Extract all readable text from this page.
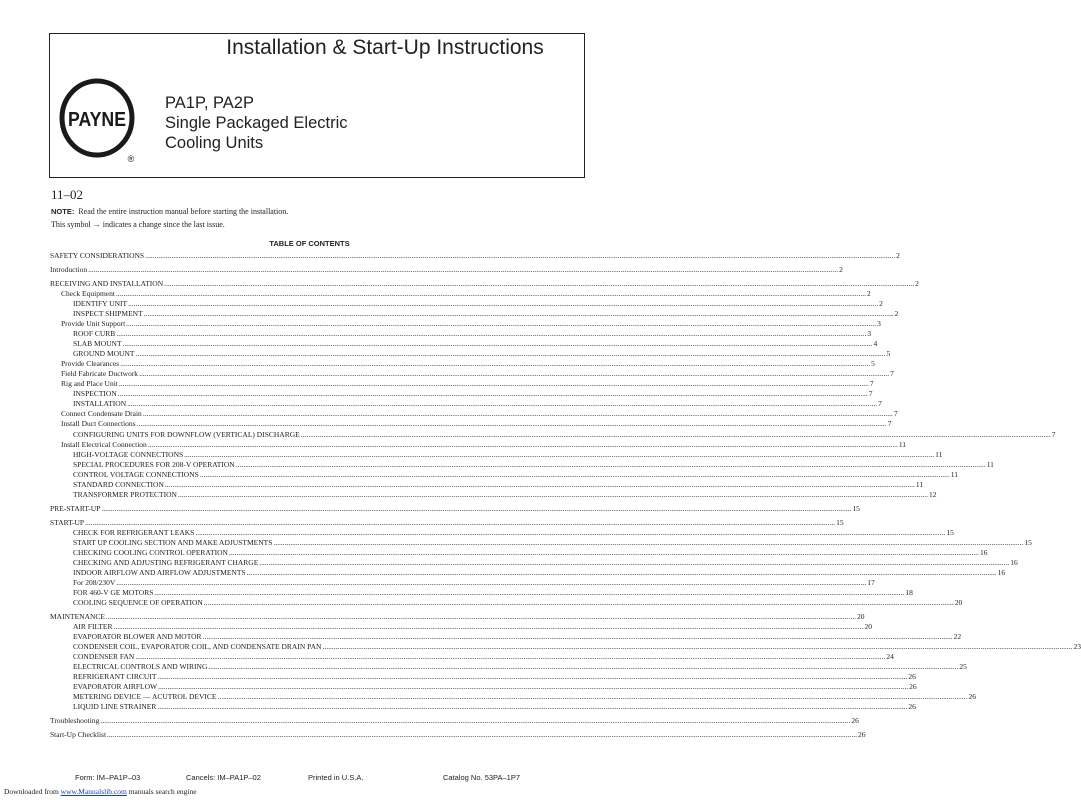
Installation & Start-Up Instructions
PAYNE
®
PA1P, PA2P
Single Packaged Electric
Cooling Units
11–02
NOTE: Read the entire instruction manual before starting the installation.
This symbol → indicates a change since the last issue.
TABLE OF CONTENTS
SAFETY CONSIDERATIONS ................................................................................................................................................................................................................................................................................................................................................................................................................ 2
Introduction ................................................................................................................................................................................................................................................................................................................................................................................................................ 2
RECEIVING AND INSTALLATION ................................................................................................................................................................................................................................................................................................................................................................................................................ 2
Check Equipment ................................................................................................................................................................................................................................................................................................................................................................................................................ 2
IDENTIFY UNIT ................................................................................................................................................................................................................................................................................................................................................................................................................ 2
INSPECT SHIPMENT ................................................................................................................................................................................................................................................................................................................................................................................................................ 2
Provide Unit Support ................................................................................................................................................................................................................................................................................................................................................................................................................ 3
ROOF CURB ................................................................................................................................................................................................................................................................................................................................................................................................................ 3
SLAB MOUNT ................................................................................................................................................................................................................................................................................................................................................................................................................ 4
GROUND MOUNT ................................................................................................................................................................................................................................................................................................................................................................................................................ 5
Provide Clearances ................................................................................................................................................................................................................................................................................................................................................................................................................ 5
Field Fabricate Ductwork ................................................................................................................................................................................................................................................................................................................................................................................................................ 7
Rig and Place Unit ................................................................................................................................................................................................................................................................................................................................................................................................................ 7
INSPECTION ................................................................................................................................................................................................................................................................................................................................................................................................................ 7
INSTALLATION ................................................................................................................................................................................................................................................................................................................................................................................................................ 7
Connect Condensate Drain ................................................................................................................................................................................................................................................................................................................................................................................................................ 7
Install Duct Connections ................................................................................................................................................................................................................................................................................................................................................................................................................ 7
CONFIGURING UNITS FOR DOWNFLOW (VERTICAL) DISCHARGE ................................................................................................................................................................................................................................................................................................................................................................................................................ 7
Install Electrical Connection ................................................................................................................................................................................................................................................................................................................................................................................................................ 11
HIGH-VOLTAGE CONNECTIONS ................................................................................................................................................................................................................................................................................................................................................................................................................ 11
SPECIAL PROCEDURES FOR 208-V OPERATION ................................................................................................................................................................................................................................................................................................................................................................................................................ 11
CONTROL VOLTAGE CONNECTIONS ................................................................................................................................................................................................................................................................................................................................................................................................................ 11
STANDARD CONNECTION ................................................................................................................................................................................................................................................................................................................................................................................................................ 11
TRANSFORMER PROTECTION ................................................................................................................................................................................................................................................................................................................................................................................................................ 12
PRE-START-UP ................................................................................................................................................................................................................................................................................................................................................................................................................ 15
START-UP ................................................................................................................................................................................................................................................................................................................................................................................................................ 15
CHECK FOR REFRIGERANT LEAKS ................................................................................................................................................................................................................................................................................................................................................................................................................ 15
START UP COOLING SECTION AND MAKE ADJUSTMENTS ................................................................................................................................................................................................................................................................................................................................................................................................................ 15
CHECKING COOLING CONTROL OPERATION ................................................................................................................................................................................................................................................................................................................................................................................................................ 16
CHECKING AND ADJUSTING REFRIGERANT CHARGE ................................................................................................................................................................................................................................................................................................................................................................................................................ 16
INDOOR AIRFLOW AND AIRFLOW ADJUSTMENTS ................................................................................................................................................................................................................................................................................................................................................................................................................ 16
For 208/230V ................................................................................................................................................................................................................................................................................................................................................................................................................ 17
FOR 460-V GE MOTORS ................................................................................................................................................................................................................................................................................................................................................................................................................ 18
COOLING SEQUENCE OF OPERATION ................................................................................................................................................................................................................................................................................................................................................................................................................ 20
MAINTENANCE ................................................................................................................................................................................................................................................................................................................................................................................................................ 20
AIR FILTER ................................................................................................................................................................................................................................................................................................................................................................................................................ 20
EVAPORATOR BLOWER AND MOTOR ................................................................................................................................................................................................................................................................................................................................................................................................................ 22
CONDENSER COIL, EVAPORATOR COIL, AND CONDENSATE DRAIN PAN ................................................................................................................................................................................................................................................................................................................................................................................................................ 23
CONDENSER FAN ................................................................................................................................................................................................................................................................................................................................................................................................................ 24
ELECTRICAL CONTROLS AND WIRING ................................................................................................................................................................................................................................................................................................................................................................................................................ 25
REFRIGERANT CIRCUIT ................................................................................................................................................................................................................................................................................................................................................................................................................ 26
EVAPORATOR AIRFLOW ................................................................................................................................................................................................................................................................................................................................................................................................................ 26
METERING DEVICE — ACUTROL DEVICE ................................................................................................................................................................................................................................................................................................................................................................................................................ 26
LIQUID LINE STRAINER ................................................................................................................................................................................................................................................................................................................................................................................................................ 26
Troubleshooting ................................................................................................................................................................................................................................................................................................................................................................................................................ 26
Start-Up Checklist ................................................................................................................................................................................................................................................................................................................................................................................................................ 26
Form: IM–PA1P–03	Cancels: IM–PA1P–02	Printed in U.S.A.	Catalog No. 53PA–1P7
Downloaded from www.Manualslib.com manuals search engine
